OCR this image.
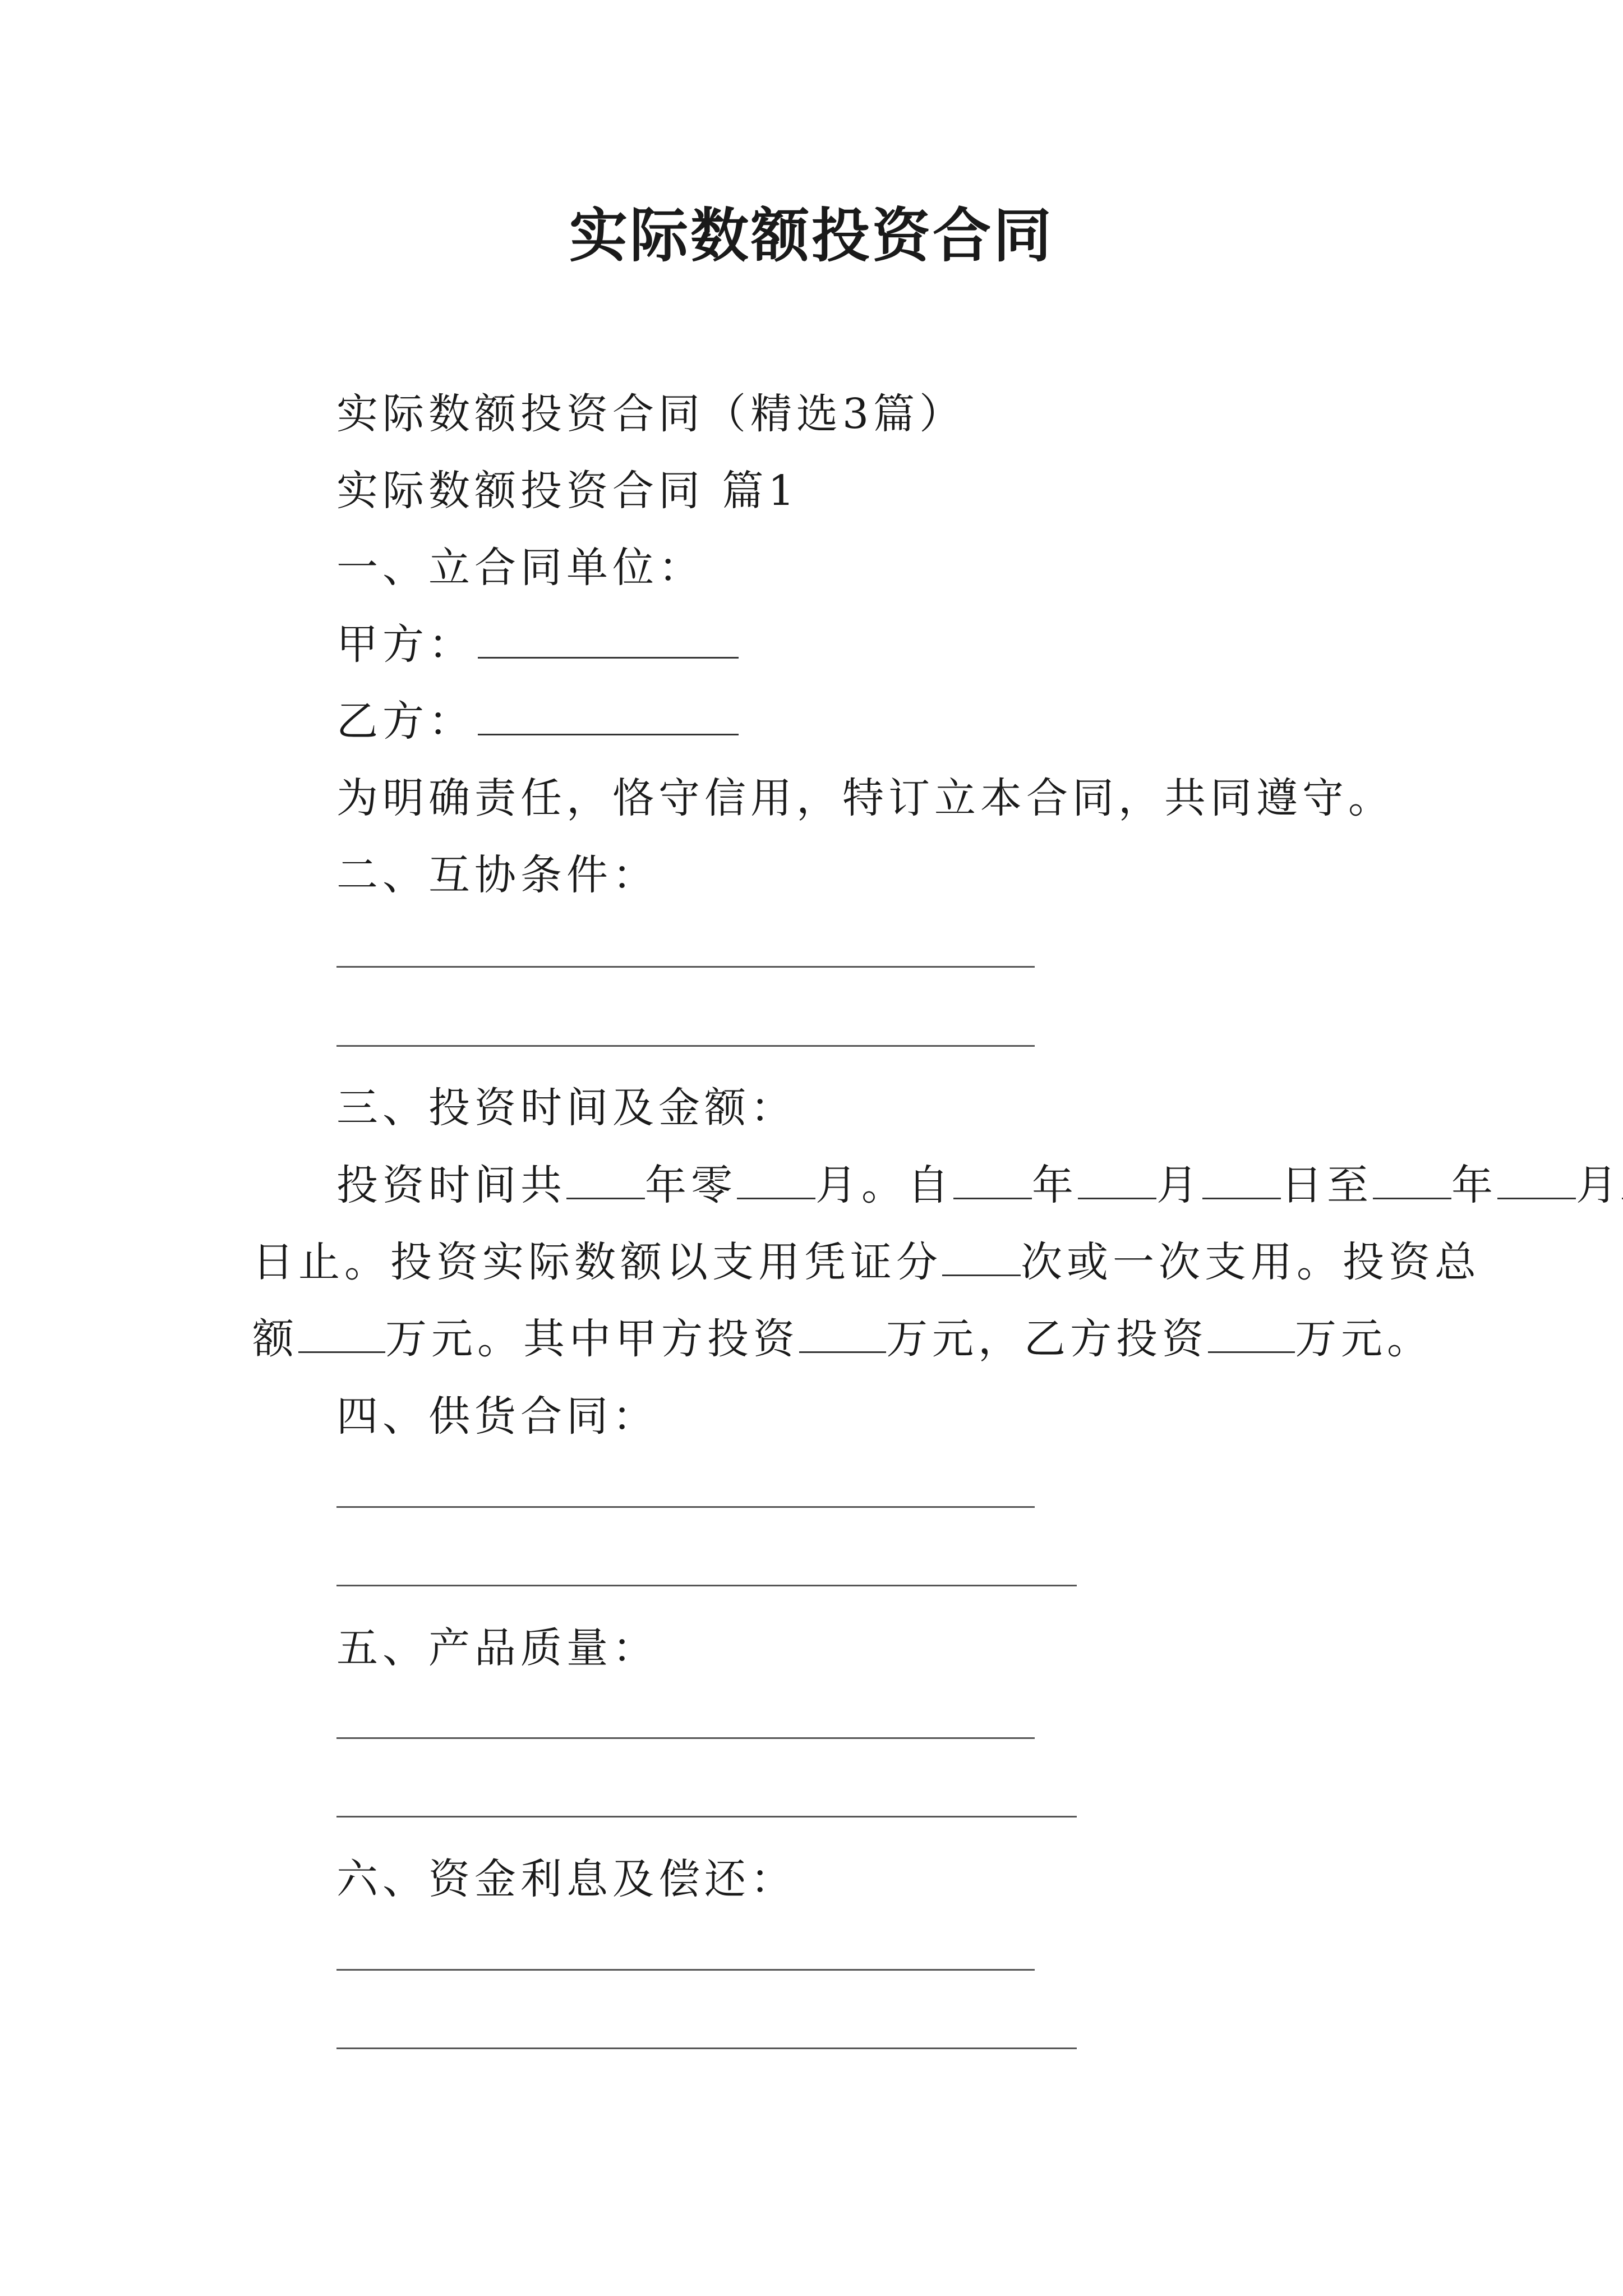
实际数额投资合同
实际数额投资合同（精选3篇）
实际数额投资合同 篇1
一、立合同单位：
甲方：
乙方：
为明确责任，恪守信用，特订立本合同，共同遵守。
二、互协条件：
三、投资时间及金额：
投资时间共 年零 月。自 年 月 日至 年 月
日止。投资实际数额以支用凭证分 次或一次支用。投资总
额 万元。其中甲方投资 万元，乙方投资 万元。
四、供货合同：
五、产品质量：
六、资金利息及偿还：
